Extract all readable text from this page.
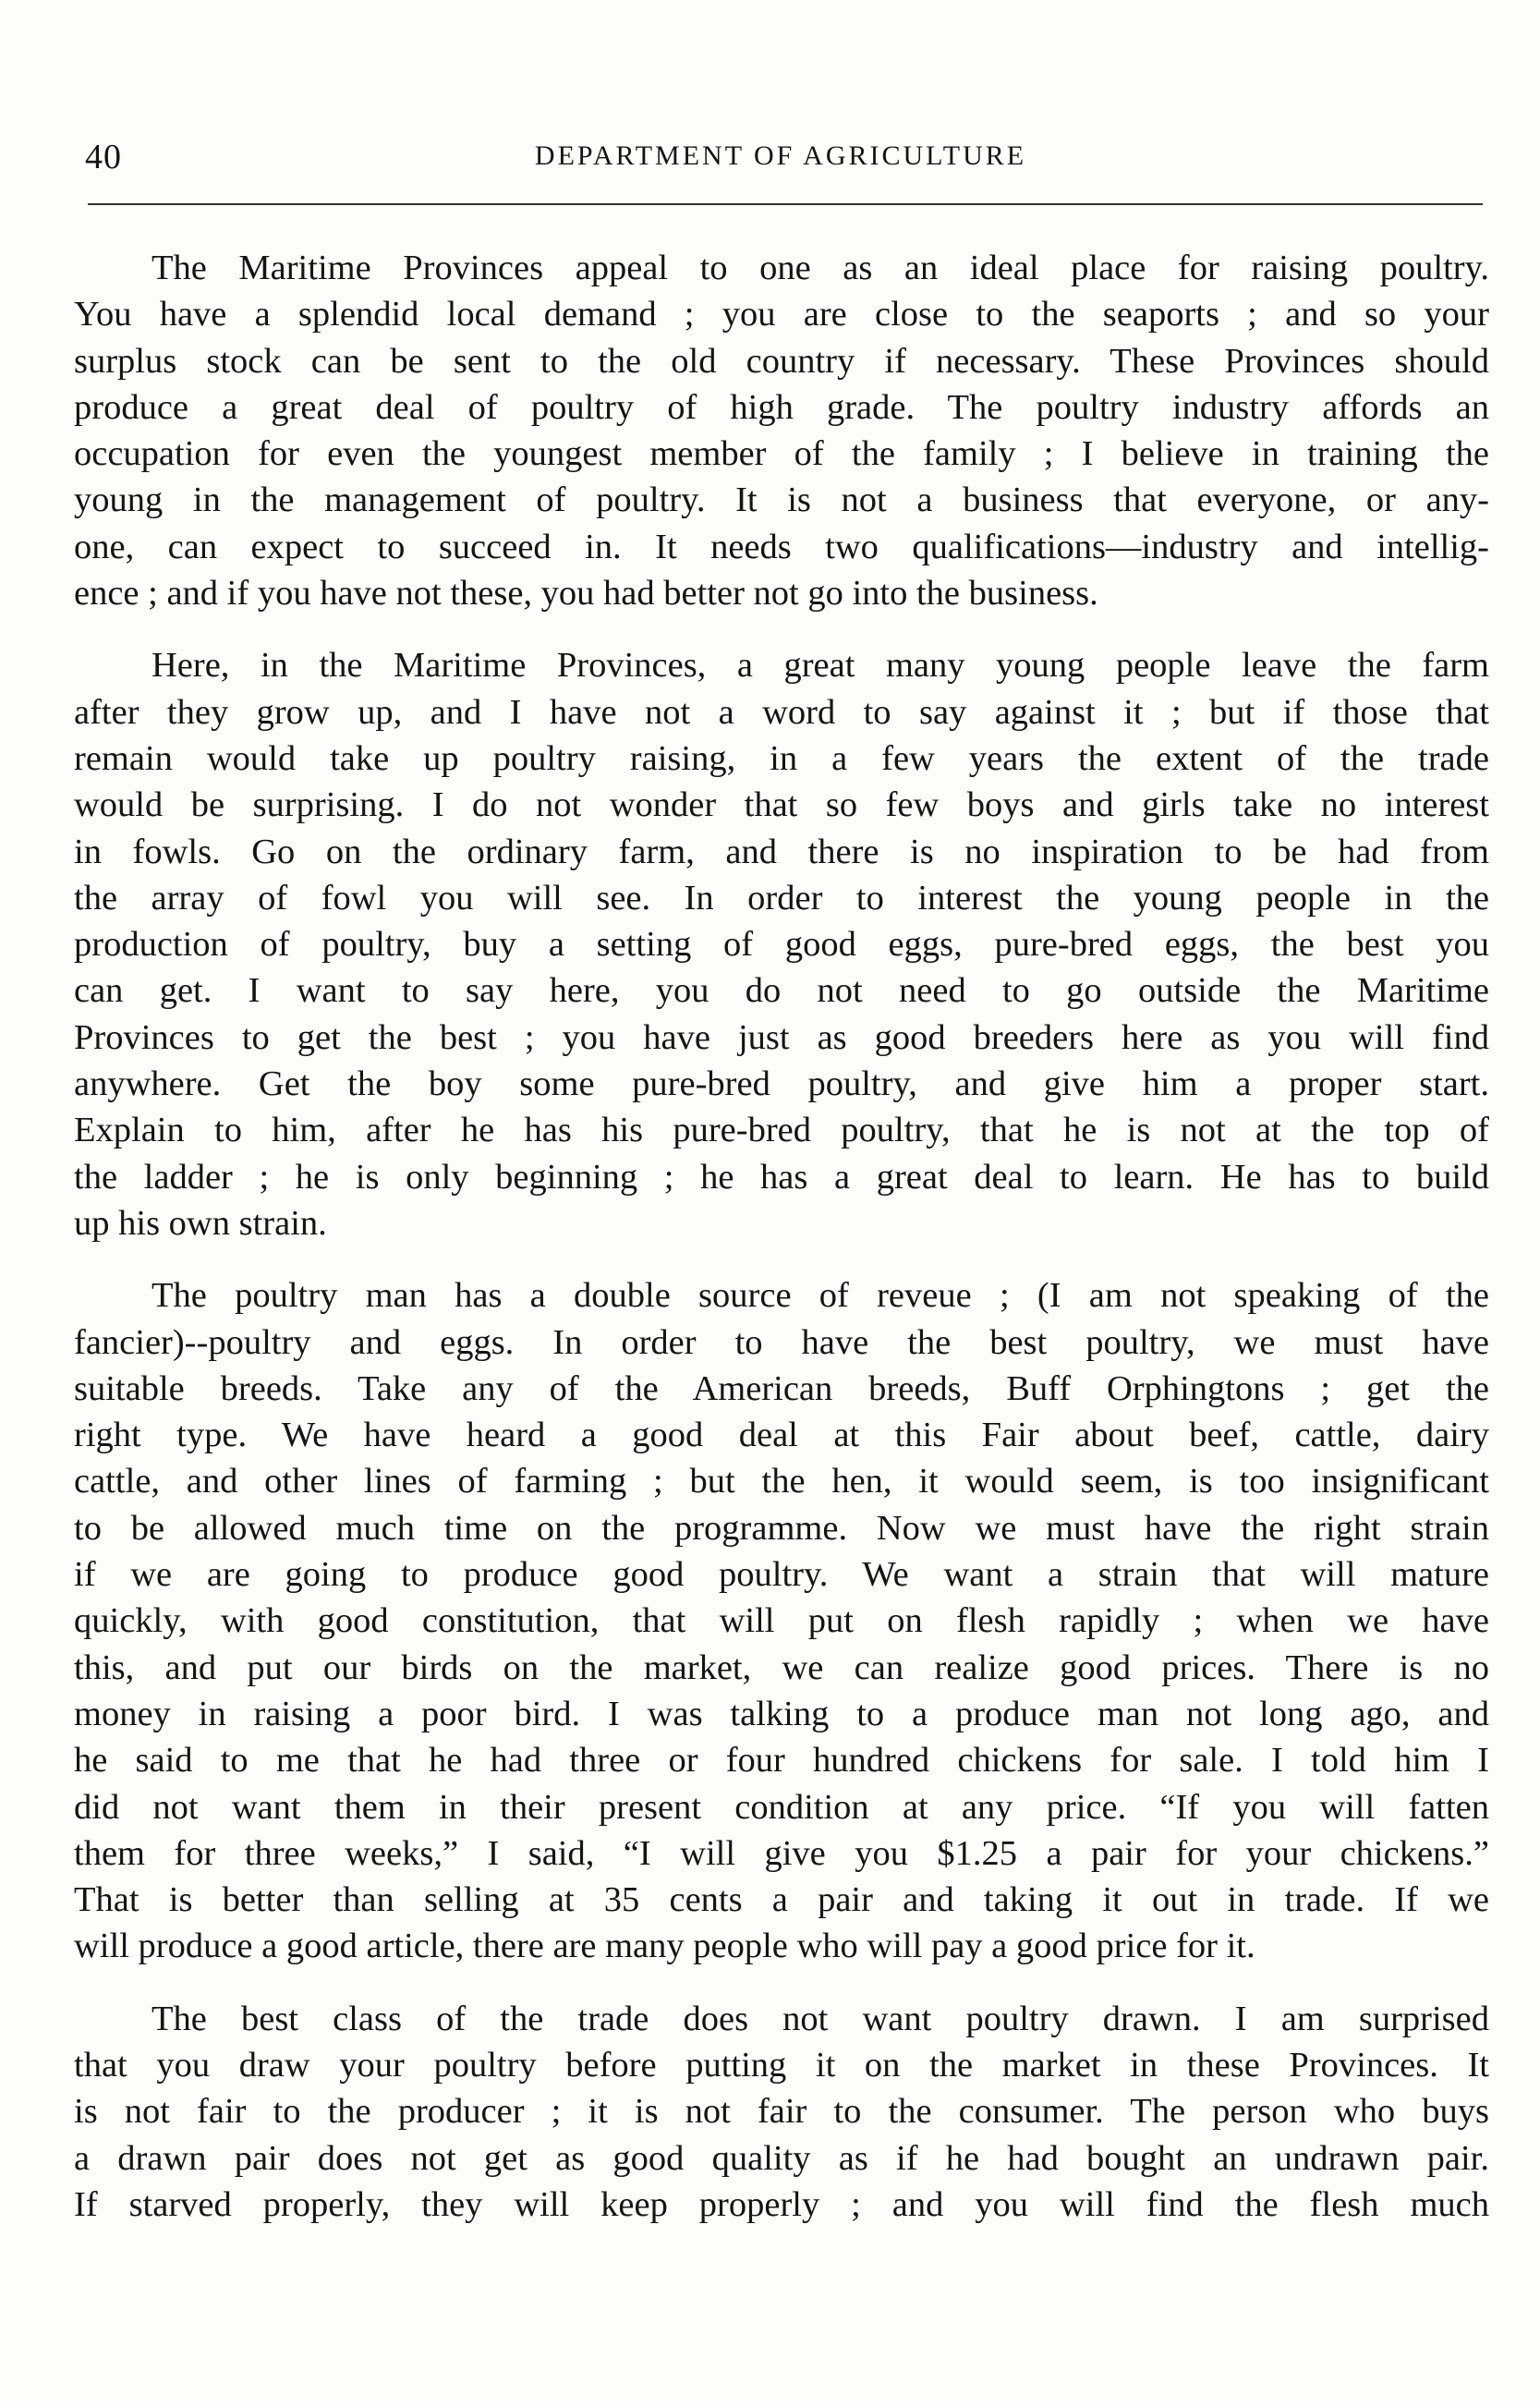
40	DEPARTMENT OF AGRICULTURE
The Maritime Provinces appeal to one as an ideal place for raising poultry.
You have a splendid local demand ; you are close to the seaports ; and so your
surplus stock can be sent to the old country if necessary. These Provinces should
produce a great deal of poultry of high grade. The poultry industry affords an
occupation for even the youngest member of the family ; I believe in training the
young in the management of poultry. It is not a business that everyone, or any-
one, can expect to succeed in. It needs two qualifications—industry and intellig-
ence ; and if you have not these, you had better not go into the business.
Here, in the Maritime Provinces, a great many young people leave the farm
after they grow up, and I have not a word to say against it ; but if those that
remain would take up poultry raising, in a few years the extent of the trade
would be surprising. I do not wonder that so few boys and girls take no interest
in fowls. Go on the ordinary farm, and there is no inspiration to be had from
the array of fowl you will see. In order to interest the young people in the
production of poultry, buy a setting of good eggs, pure-bred eggs, the best you
can get. I want to say here, you do not need to go outside the Maritime
Provinces to get the best ; you have just as good breeders here as you will find
anywhere. Get the boy some pure-bred poultry, and give him a proper start.
Explain to him, after he has his pure-bred poultry, that he is not at the top of
the ladder ; he is only beginning ; he has a great deal to learn. He has to build
up his own strain.
The poultry man has a double source of reveue ; (I am not speaking of the
fancier)--poultry and eggs. In order to have the best poultry, we must have
suitable breeds. Take any of the American breeds, Buff Orphingtons ; get the
right type. We have heard a good deal at this Fair about beef, cattle, dairy
cattle, and other lines of farming ; but the hen, it would seem, is too insignificant
to be allowed much time on the programme. Now we must have the right strain
if we are going to produce good poultry. We want a strain that will mature
quickly, with good constitution, that will put on flesh rapidly ; when we have
this, and put our birds on the market, we can realize good prices. There is no
money in raising a poor bird. I was talking to a produce man not long ago, and
he said to me that he had three or four hundred chickens for sale. I told him I
did not want them in their present condition at any price. “If you will fatten
them for three weeks,” I said, “I will give you $1.25 a pair for your chickens.”
That is better than selling at 35 cents a pair and taking it out in trade. If we
will produce a good article, there are many people who will pay a good price for it.
The best class of the trade does not want poultry drawn. I am surprised
that you draw your poultry before putting it on the market in these Provinces. It
is not fair to the producer ; it is not fair to the consumer. The person who buys
a drawn pair does not get as good quality as if he had bought an undrawn pair.
If starved properly, they will keep properly ; and you will find the flesh much
